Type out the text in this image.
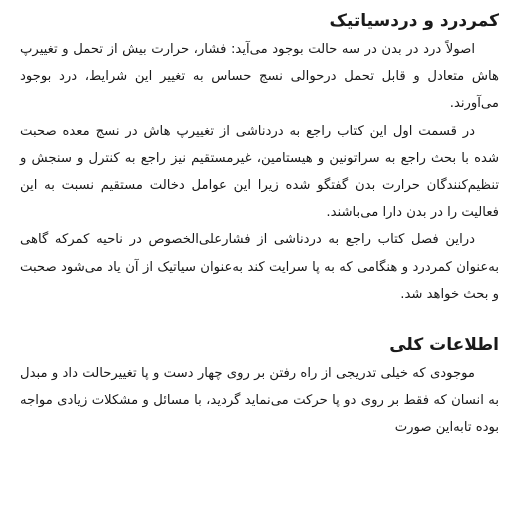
کمردرد و دردسیاتیک

اصولاً درد در بدن در سه حالت بوجود می‌آید: فشار، حرارت بیش از تحمل و تغییرپ هاش متعادل و قابل تحمل درحوالی نسج حساس به تغییر این شرایط، درد بوجود می‌آورند.

در قسمت اول این کتاب راجع به دردناشی از تغییرپ هاش در نسج معده صحبت شده با بحث راجع به سراتونین و هیستامین، غیرمستقیم نیز راجع به کنترل و سنجش و تنظیم‌کنندگان حرارت بدن گفتگو شده زیرا این عوامل دخالت مستقیم نسبت به این فعالیت را در بدن دارا می‌باشند.

دراین فصل کتاب راجع به دردناشی از فشارعلی‌الخصوص در ناحیه کمرکه گاهی به‌عنوان کمردرد و هنگامی که به پا سرایت کند به‌عنوان سیاتیک از آن یاد می‌شود صحبت و بحث خواهد شد.

اطلاعات کلی

موجودی که خیلی تدریجی از راه رفتن بر روی چهار دست و پا تغییرحالت داد و مبدل به انسان که فقط بر روی دو پا حرکت می‌نماید گردید، با مسائل و مشکلات زیادی مواجه بوده تابه‌این صورت
